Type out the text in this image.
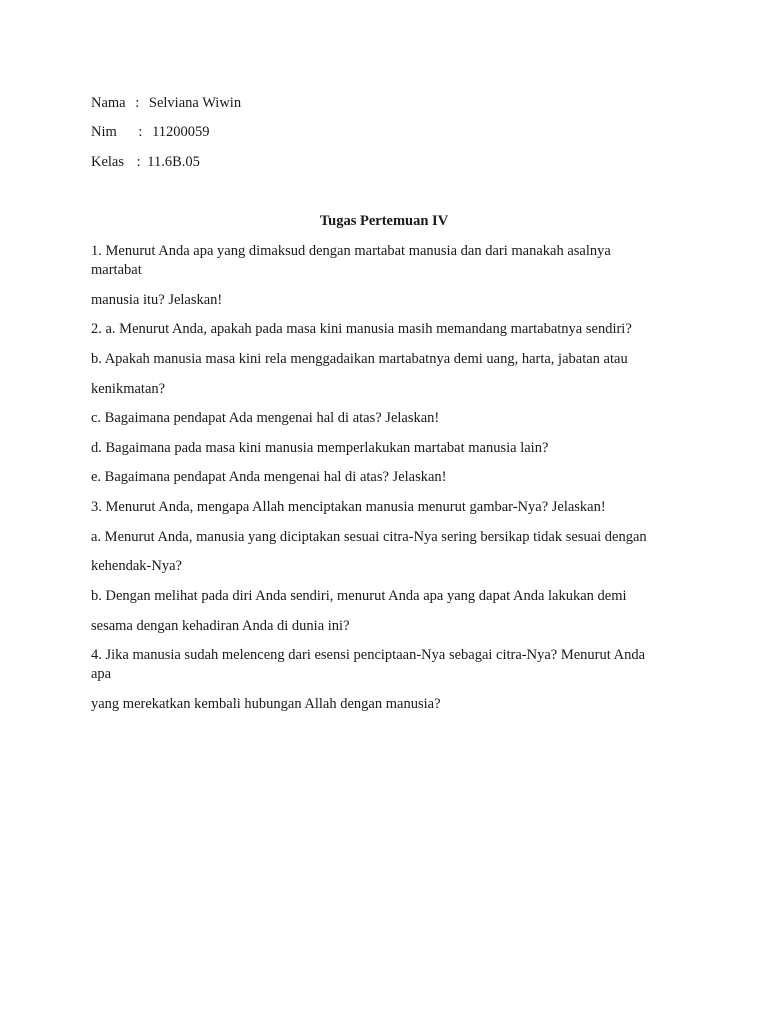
Nama : Selviana Wiwin
Nim : 11200059
Kelas : 11.6B.05
Tugas Pertemuan IV
1. Menurut Anda apa yang dimaksud dengan martabat manusia dan dari manakah asalnya
martabat
manusia itu? Jelaskan!
2. a. Menurut Anda, apakah pada masa kini manusia masih memandang martabatnya sendiri?
b. Apakah manusia masa kini rela menggadaikan martabatnya demi uang, harta, jabatan atau
kenikmatan?
c. Bagaimana pendapat Ada mengenai hal di atas? Jelaskan!
d. Bagaimana pada masa kini manusia memperlakukan martabat manusia lain?
e. Bagaimana pendapat Anda mengenai hal di atas? Jelaskan!
3. Menurut Anda, mengapa Allah menciptakan manusia menurut gambar-Nya? Jelaskan!
a. Menurut Anda, manusia yang diciptakan sesuai citra-Nya sering bersikap tidak sesuai dengan
kehendak-Nya?
b. Dengan melihat pada diri Anda sendiri, menurut Anda apa yang dapat Anda lakukan demi
sesama dengan kehadiran Anda di dunia ini?
4. Jika manusia sudah melenceng dari esensi penciptaan-Nya sebagai citra-Nya? Menurut Anda
apa
yang merekatkan kembali hubungan Allah dengan manusia?
